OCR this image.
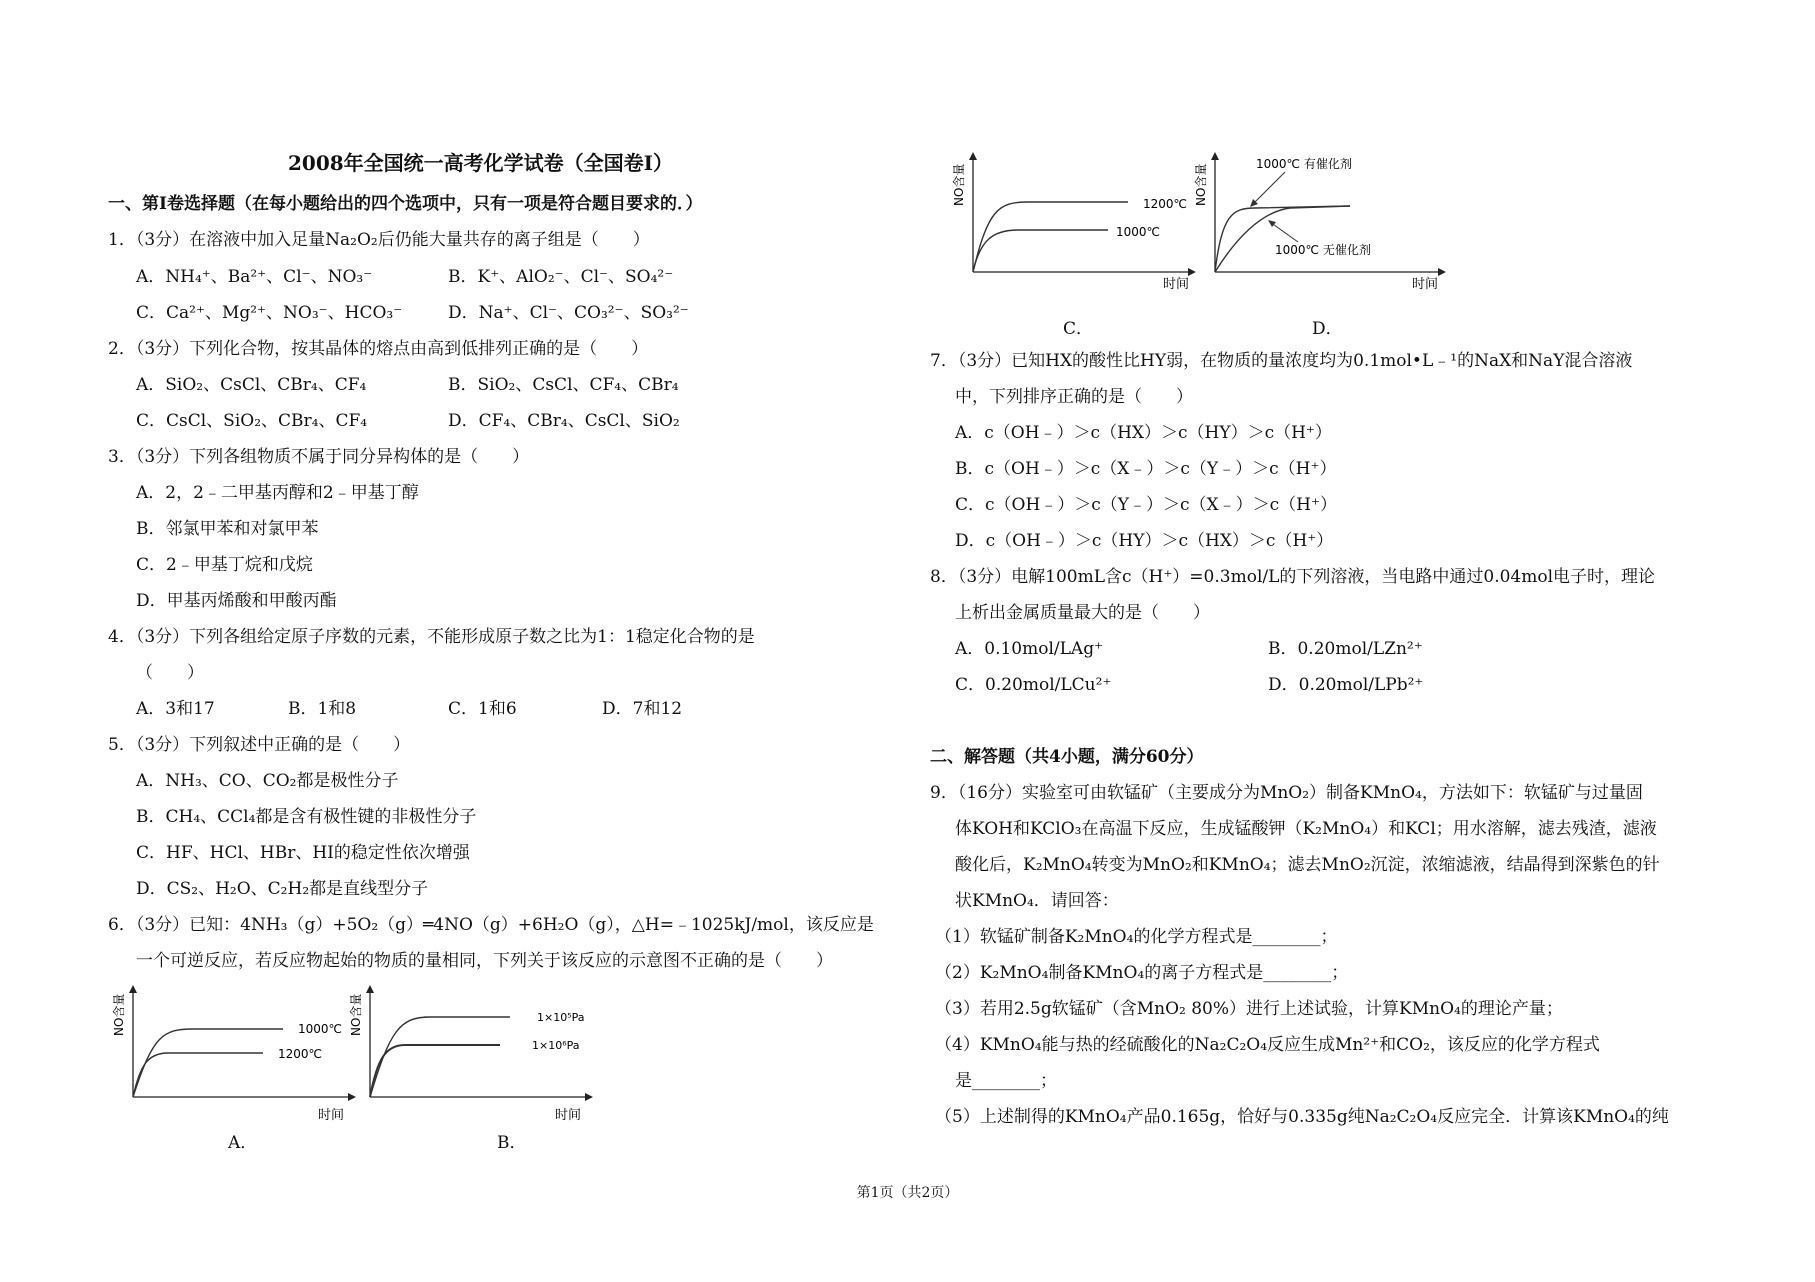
2008年全国统一高考化学试卷（全国卷I）
一、第Ⅰ卷选择题（在每小题给出的四个选项中，只有一项是符合题目要求的．）
1．（3分）在溶液中加入足量Na₂O₂后仍能大量共存的离子组是（　　）
A．NH₄⁺、Ba²⁺、Cl⁻、NO₃⁻	B．K⁺、AlO₂⁻、Cl⁻、SO₄²⁻
C．Ca²⁺、Mg²⁺、NO₃⁻、HCO₃⁻	D．Na⁺、Cl⁻、CO₃²⁻、SO₃²⁻
2．（3分）下列化合物，按其晶体的熔点由高到低排列正确的是（　　）
A．SiO₂、CsCl、CBr₄、CF₄	B．SiO₂、CsCl、CF₄、CBr₄
C．CsCl、SiO₂、CBr₄、CF₄	D．CF₄、CBr₄、CsCl、SiO₂
3．（3分）下列各组物质不属于同分异构体的是（　　）
A．2，2﹣二甲基丙醇和2﹣甲基丁醇
B．邻氯甲苯和对氯甲苯
C．2﹣甲基丁烷和戊烷
D．甲基丙烯酸和甲酸丙酯
4．（3分）下列各组给定原子序数的元素，不能形成原子数之比为1：1稳定化合物的是
（　　）
A．3和17	B．1和8	C．1和6	D．7和12
5．（3分）下列叙述中正确的是（　　）
A．NH₃、CO、CO₂都是极性分子
B．CH₄、CCl₄都是含有极性键的非极性分子
C．HF、HCl、HBr、HI的稳定性依次增强
D．CS₂、H₂O、C₂H₂都是直线型分子
6．（3分）已知：4NH₃（g）+5O₂（g）═4NO（g）+6H₂O（g），△H=﹣1025kJ/mol，该反应是
一个可逆反应，若反应物起始的物质的量相同，下列关于该反应的示意图不正确的是（　　）
NO含量	1000℃
1200℃
时间
A．
NO含量	1×10⁵Pa
1×10⁶Pa
时间
B．
NO含量	1200℃
1000℃
时间
C．
NO含量	1000℃ 有催化剂
1000℃ 无催化剂
时间
D．
7．（3分）已知HX的酸性比HY弱，在物质的量浓度均为0.1mol•L﹣¹的NaX和NaY混合溶液
中，下列排序正确的是（　　）
A．c（OH﹣）＞c（HX）＞c（HY）＞c（H⁺）
B．c（OH﹣）＞c（X﹣）＞c（Y﹣）＞c（H⁺）
C．c（OH﹣）＞c（Y﹣）＞c（X﹣）＞c（H⁺）
D．c（OH﹣）＞c（HY）＞c（HX）＞c（H⁺）
8．（3分）电解100mL含c（H⁺）=0.3mol/L的下列溶液，当电路中通过0.04mol电子时，理论
上析出金属质量最大的是（　　）
A．0.10mol/LAg⁺	B．0.20mol/LZn²⁺
C．0.20mol/LCu²⁺	D．0.20mol/LPb²⁺
二、解答题（共4小题，满分60分）
9．（16分）实验室可由软锰矿（主要成分为MnO₂）制备KMnO₄，方法如下：软锰矿与过量固
体KOH和KClO₃在高温下反应，生成锰酸钾（K₂MnO₄）和KCl；用水溶解，滤去残渣，滤液
酸化后，K₂MnO₄转变为MnO₂和KMnO₄；滤去MnO₂沉淀，浓缩滤液，结晶得到深紫色的针
状KMnO₄．请回答：
（1）软锰矿制备K₂MnO₄的化学方程式是________；
（2）K₂MnO₄制备KMnO₄的离子方程式是________；
（3）若用2.5g软锰矿（含MnO₂ 80%）进行上述试验，计算KMnO₄的理论产量；
（4）KMnO₄能与热的经硫酸化的Na₂C₂O₄反应生成Mn²⁺和CO₂，该反应的化学方程式
是________；
（5）上述制得的KMnO₄产品0.165g，恰好与0.335g纯Na₂C₂O₄反应完全．计算该KMnO₄的纯
第1页（共2页）
